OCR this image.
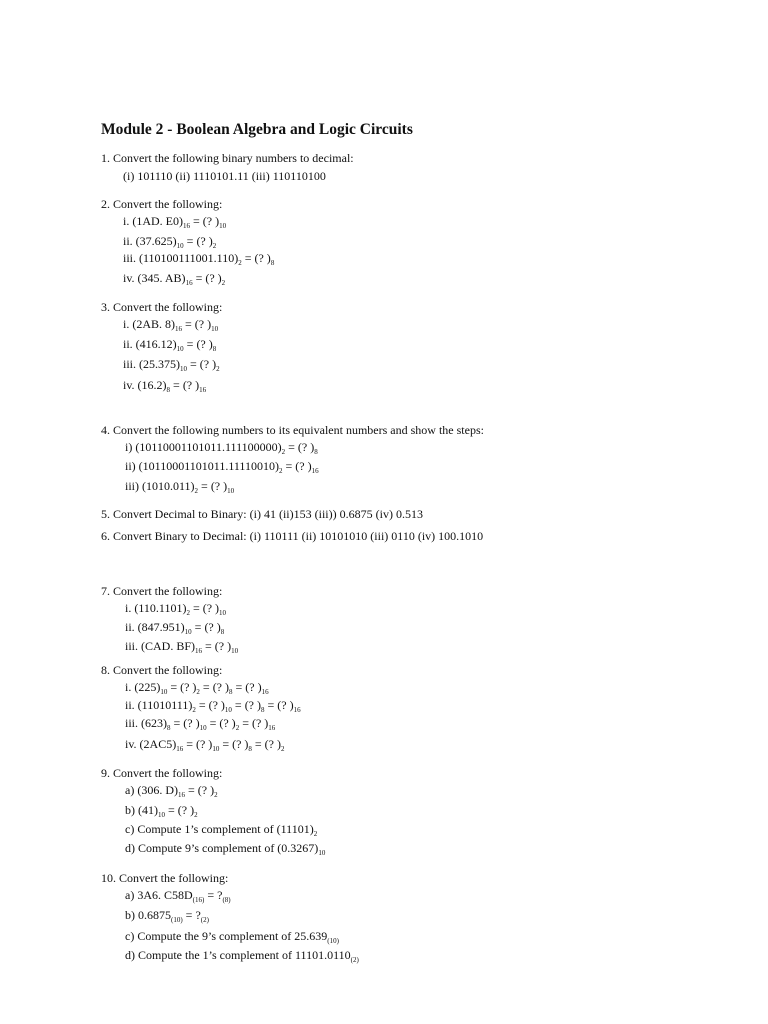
Module 2 - Boolean Algebra and Logic Circuits
1. Convert the following binary numbers to decimal:
(i) 101110 (ii) 1110101.11 (iii) 110110100
2. Convert the following:
i. (1AD. $E0)_{16}$ = (? )$_{10}$
ii. $(37.625)_{10}$ = (? )$_2$
iii. $(110100111001.110)_2$ = (? )$_8$
iv. (345. $AB)_{16}$ = (? )$_2$
3. Convert the following:
i. (2AB. $8)_{16}$ = (? )$_{10}$
ii. $(416.12)_{10}$ = (? )$_8$
iii. $(25.375)_{10}$ = (? )$_2$
iv. $(16.2)_8$ = (? )$_{16}$
4. Convert the following numbers to its equivalent numbers and show the steps:
i) $(10110001101011.111100000)_2$ = (? )$_8$
ii) $(10110001101011.11110010)_2$ = (? )$_{16}$
iii) $(1010.011)_2$ = (? )$_{10}$
5. Convert Decimal to Binary: (i) 41 (ii)153 (iii)) 0.6875 (iv) 0.513
6. Convert Binary to Decimal: (i) 110111 (ii) 10101010 (iii) 0110 (iv) 100.1010
7. Convert the following:
i. $(110.1101)_2$ = (? )$_{10}$
ii. $(847.951)_{10}$ = (? )$_8$
iii. (CAD. $BF)_{16}$ = (? )$_{10}$
8. Convert the following:
i. $(225)_{10}$ = (? )$_2$ = (? )$_8$ = (? )$_{16}$
ii. $(11010111)_2$ = (? )$_{10}$ = (? )$_8$ = (? )$_{16}$
iii. $(623)_8$ = (? )$_{10}$ = (? )$_2$ = (? )$_{16}$
iv. $(2AC5)_{16}$ = (? )$_{10}$ = (? )$_8$ = (? )$_2$
9. Convert the following:
a) (306. $D)_{16}$ = (? )$_2$
b) $(41)_{10}$ = (? )$_2$
c) Compute 1’s complement of $(11101)_2$
d) Compute 9’s complement of $(0.3267)_{10}$
10. Convert the following:
a) 3A6. $C58D_{(16)}$ = $?_{(8)}$
b) $0.6875_{(10)}$ = $?_{(2)}$
c) Compute the 9’s complement of $25.639_{(10)}$
d) Compute the 1’s complement of $11101.0110_{(2)}$
